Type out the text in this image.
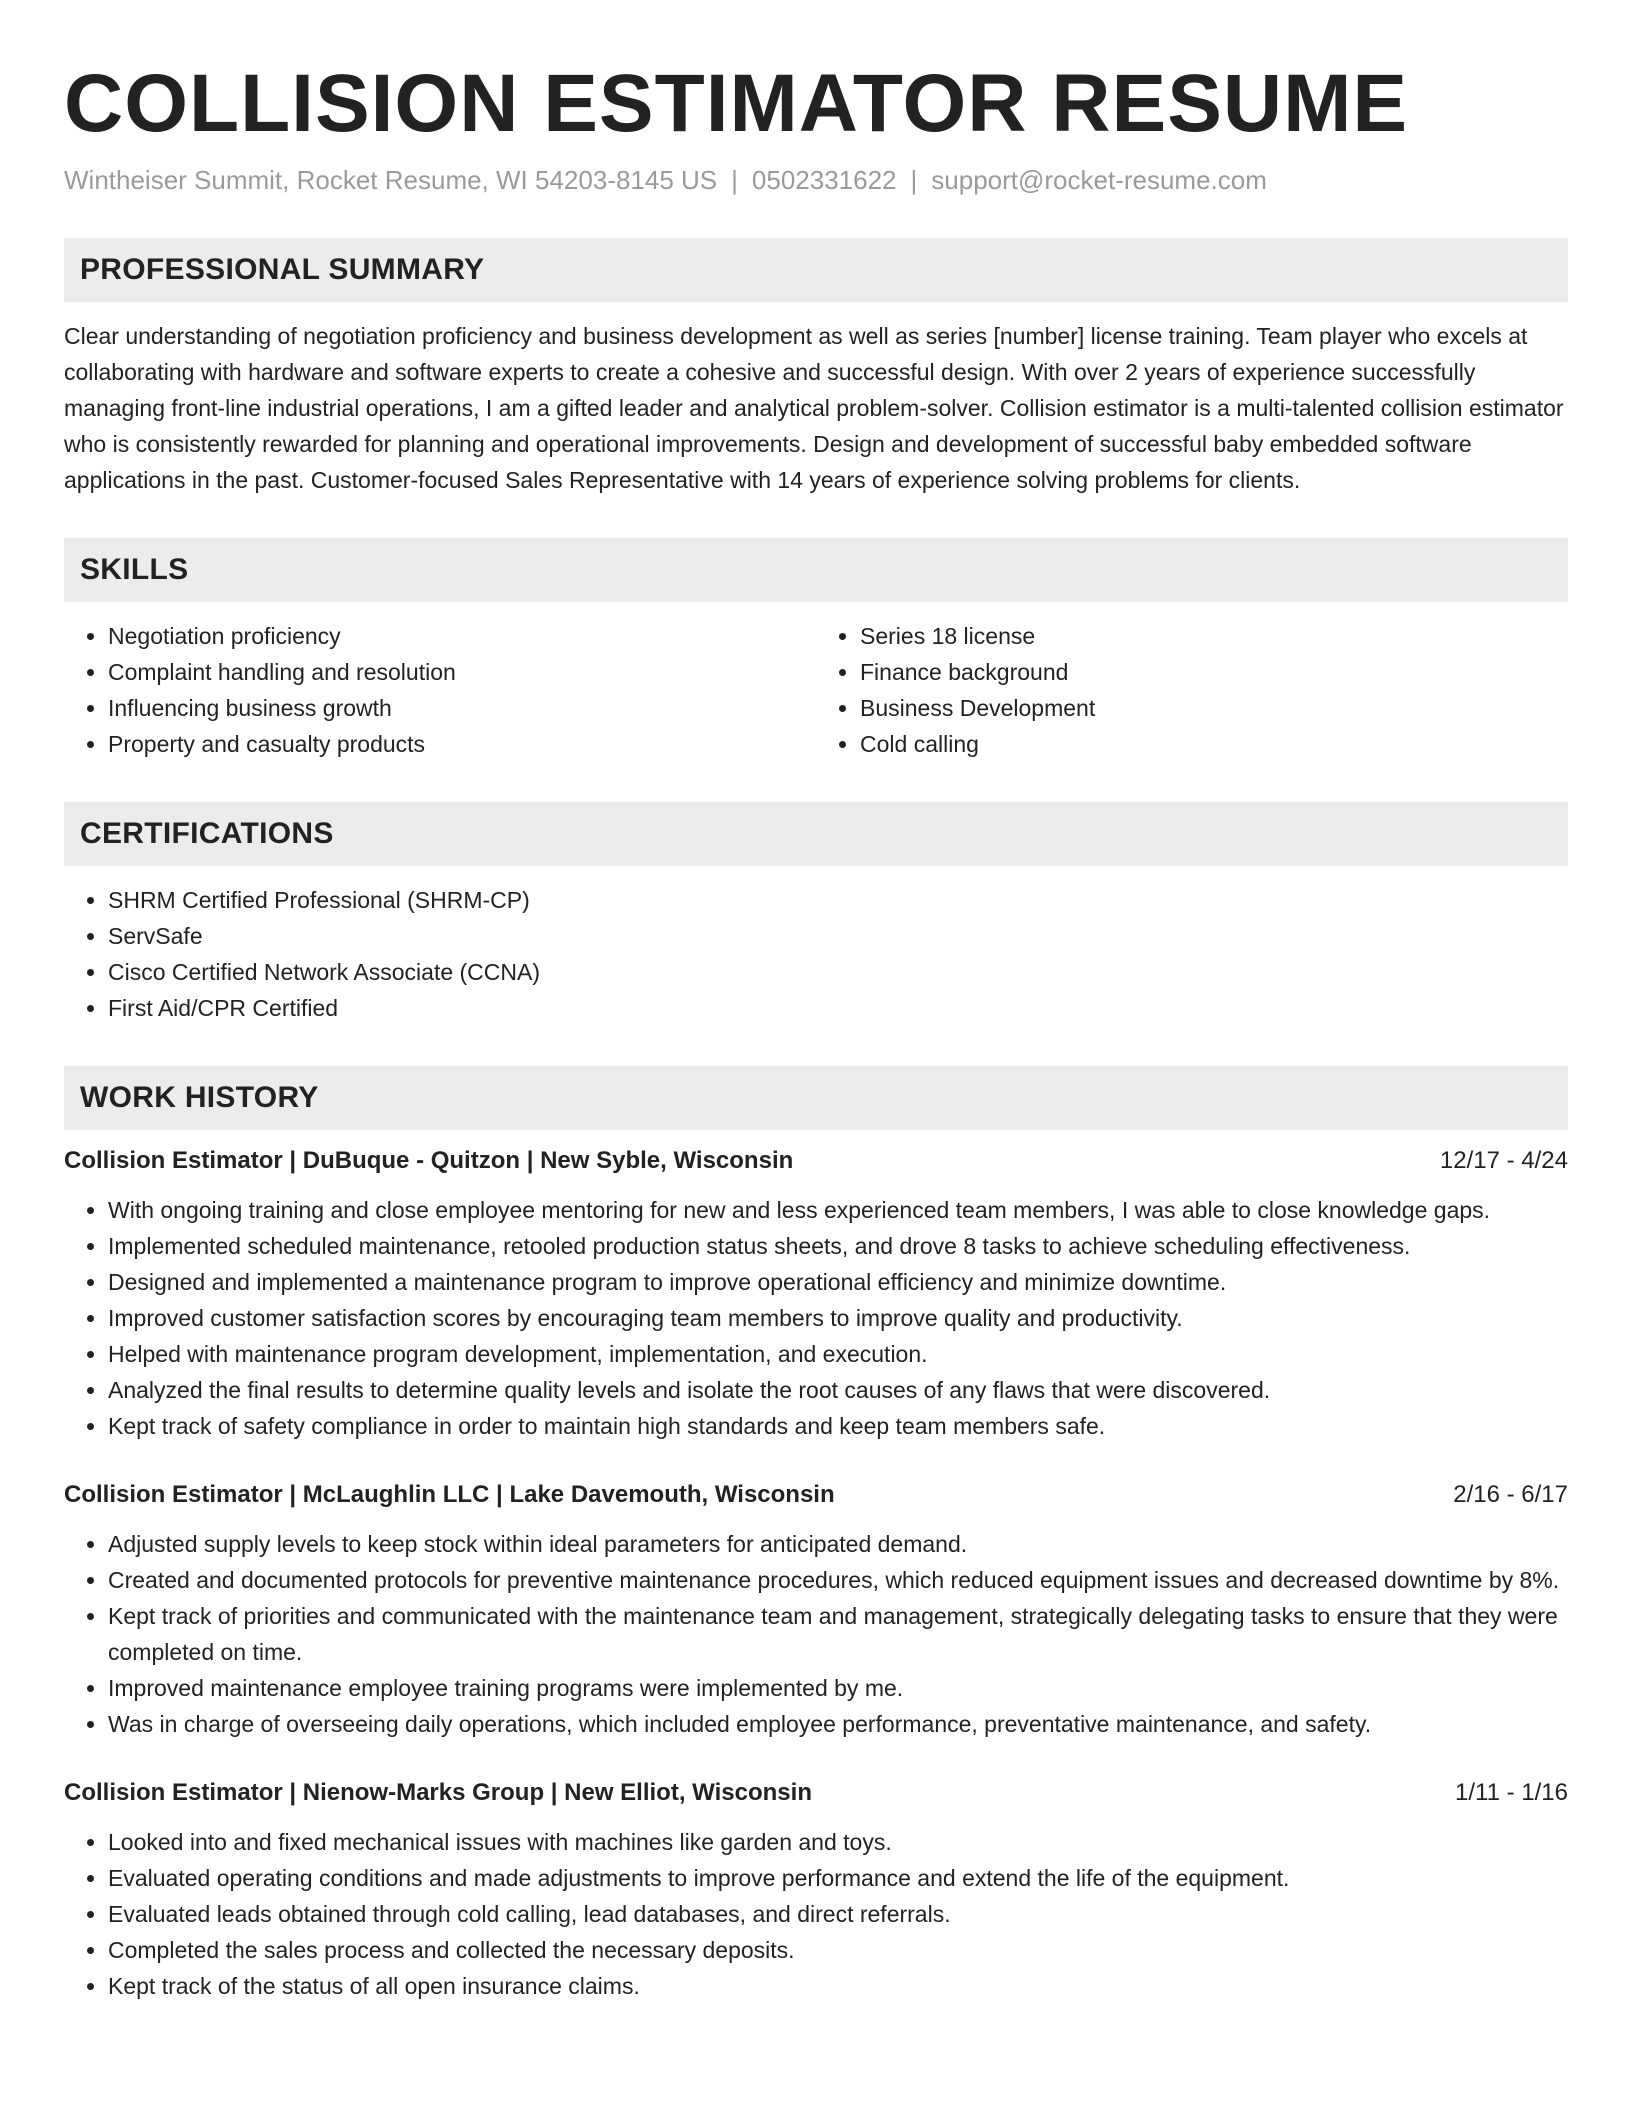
COLLISION ESTIMATOR RESUME
Wintheiser Summit, Rocket Resume, WI 54203-8145 US | 0502331622 | support@rocket-resume.com
PROFESSIONAL SUMMARY

Clear understanding of negotiation proficiency and business development as well as series [number] license training. Team player who excels at collaborating with hardware and software experts to create a cohesive and successful design. With over 2 years of experience successfully managing front-line industrial operations, I am a gifted leader and analytical problem-solver. Collision estimator is a multi-talented collision estimator who is consistently rewarded for planning and operational improvements. Design and development of successful baby embedded software applications in the past. Customer-focused Sales Representative with 14 years of experience solving problems for clients.

SKILLS
• Negotiation proficiency
• Complaint handling and resolution
• Influencing business growth
• Property and casualty products
• Series 18 license
• Finance background
• Business Development
• Cold calling
CERTIFICATIONS
• SHRM Certified Professional (SHRM-CP)
• ServSafe
• Cisco Certified Network Associate (CCNA)
• First Aid/CPR Certified
WORK HISTORY
Collision Estimator | DuBuque - Quitzon | New Syble, Wisconsin	12/17 - 4/24
• With ongoing training and close employee mentoring for new and less experienced team members, I was able to close knowledge gaps.
• Implemented scheduled maintenance, retooled production status sheets, and drove 8 tasks to achieve scheduling effectiveness.
• Designed and implemented a maintenance program to improve operational efficiency and minimize downtime.
• Improved customer satisfaction scores by encouraging team members to improve quality and productivity.
• Helped with maintenance program development, implementation, and execution.
• Analyzed the final results to determine quality levels and isolate the root causes of any flaws that were discovered.
• Kept track of safety compliance in order to maintain high standards and keep team members safe.
Collision Estimator | McLaughlin LLC | Lake Davemouth, Wisconsin	2/16 - 6/17
• Adjusted supply levels to keep stock within ideal parameters for anticipated demand.
• Created and documented protocols for preventive maintenance procedures, which reduced equipment issues and decreased downtime by 8%.
• Kept track of priorities and communicated with the maintenance team and management, strategically delegating tasks to ensure that they were completed on time.
• Improved maintenance employee training programs were implemented by me.
• Was in charge of overseeing daily operations, which included employee performance, preventative maintenance, and safety.
Collision Estimator | Nienow-Marks Group | New Elliot, Wisconsin	1/11 - 1/16
• Looked into and fixed mechanical issues with machines like garden and toys.
• Evaluated operating conditions and made adjustments to improve performance and extend the life of the equipment.
• Evaluated leads obtained through cold calling, lead databases, and direct referrals.
• Completed the sales process and collected the necessary deposits.
• Kept track of the status of all open insurance claims.
